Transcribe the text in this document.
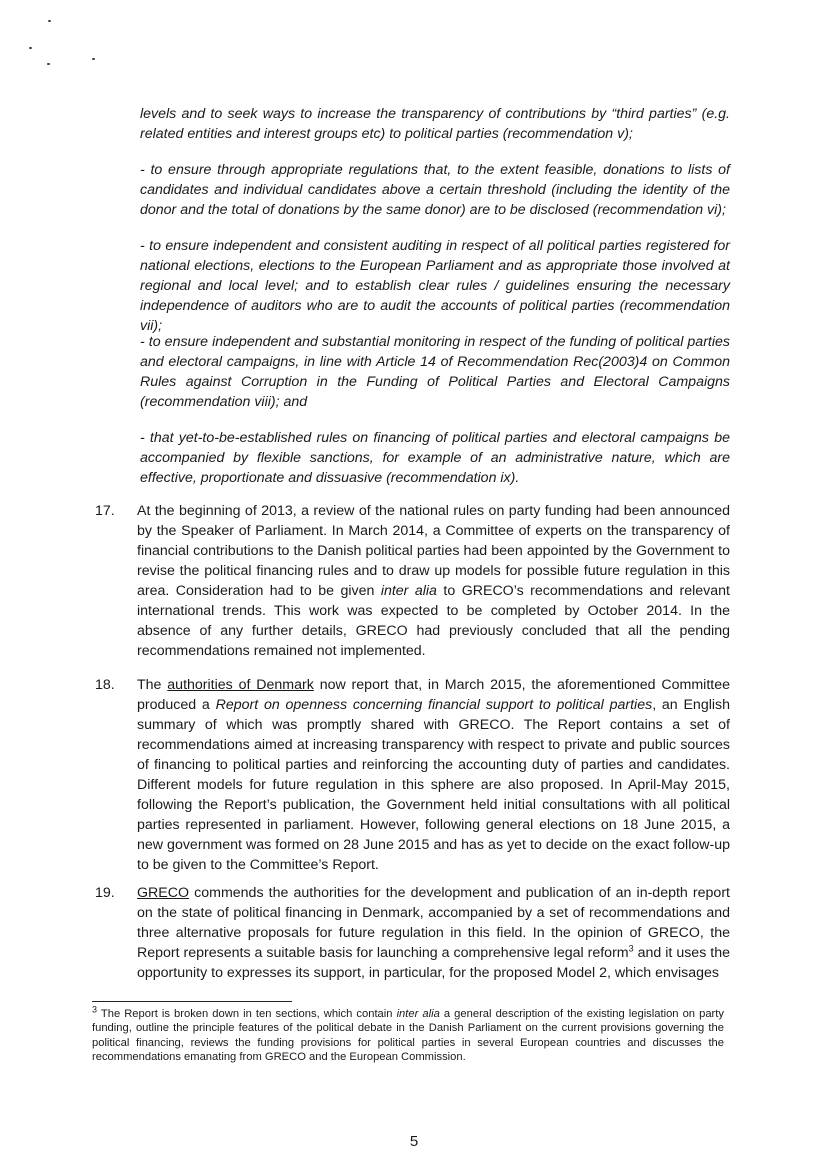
levels and to seek ways to increase the transparency of contributions by “third parties” (e.g. related entities and interest groups etc) to political parties (recommendation v);

- to ensure through appropriate regulations that, to the extent feasible, donations to lists of candidates and individual candidates above a certain threshold (including the identity of the donor and the total of donations by the same donor) are to be disclosed (recommendation vi);

- to ensure independent and consistent auditing in respect of all political parties registered for national elections, elections to the European Parliament and as appropriate those involved at regional and local level; and to establish clear rules / guidelines ensuring the necessary independence of auditors who are to audit the accounts of political parties (recommendation vii);

- to ensure independent and substantial monitoring in respect of the funding of political parties and electoral campaigns, in line with Article 14 of Recommendation Rec(2003)4 on Common Rules against Corruption in the Funding of Political Parties and Electoral Campaigns (recommendation viii); and

- that yet-to-be-established rules on financing of political parties and electoral campaigns be accompanied by flexible sanctions, for example of an administrative nature, which are effective, proportionate and dissuasive (recommendation ix).

17.	At the beginning of 2013, a review of the national rules on party funding had been announced by the Speaker of Parliament. In March 2014, a Committee of experts on the transparency of financial contributions to the Danish political parties had been appointed by the Government to revise the political financing rules and to draw up models for possible future regulation in this area. Consideration had to be given inter alia to GRECO’s recommendations and relevant international trends. This work was expected to be completed by October 2014. In the absence of any further details, GRECO had previously concluded that all the pending recommendations remained not implemented.

18.	The authorities of Denmark now report that, in March 2015, the aforementioned Committee produced a Report on openness concerning financial support to political parties, an English summary of which was promptly shared with GRECO. The Report contains a set of recommendations aimed at increasing transparency with respect to private and public sources of financing to political parties and reinforcing the accounting duty of parties and candidates. Different models for future regulation in this sphere are also proposed. In April-May 2015, following the Report’s publication, the Government held initial consultations with all political parties represented in parliament. However, following general elections on 18 June 2015, a new government was formed on 28 June 2015 and has as yet to decide on the exact follow-up to be given to the Committee’s Report.

19.	GRECO commends the authorities for the development and publication of an in-depth report on the state of political financing in Denmark, accompanied by a set of recommendations and three alternative proposals for future regulation in this field. In the opinion of GRECO, the Report represents a suitable basis for launching a comprehensive legal reform$^3$ and it uses the opportunity to expresses its support, in particular, for the proposed Model 2, which envisages

$^3$ The Report is broken down in ten sections, which contain inter alia a general description of the existing legislation on party funding, outline the principle features of the political debate in the Danish Parliament on the current provisions governing the political financing, reviews the funding provisions for political parties in several European countries and discusses the recommendations emanating from GRECO and the European Commission.

5
